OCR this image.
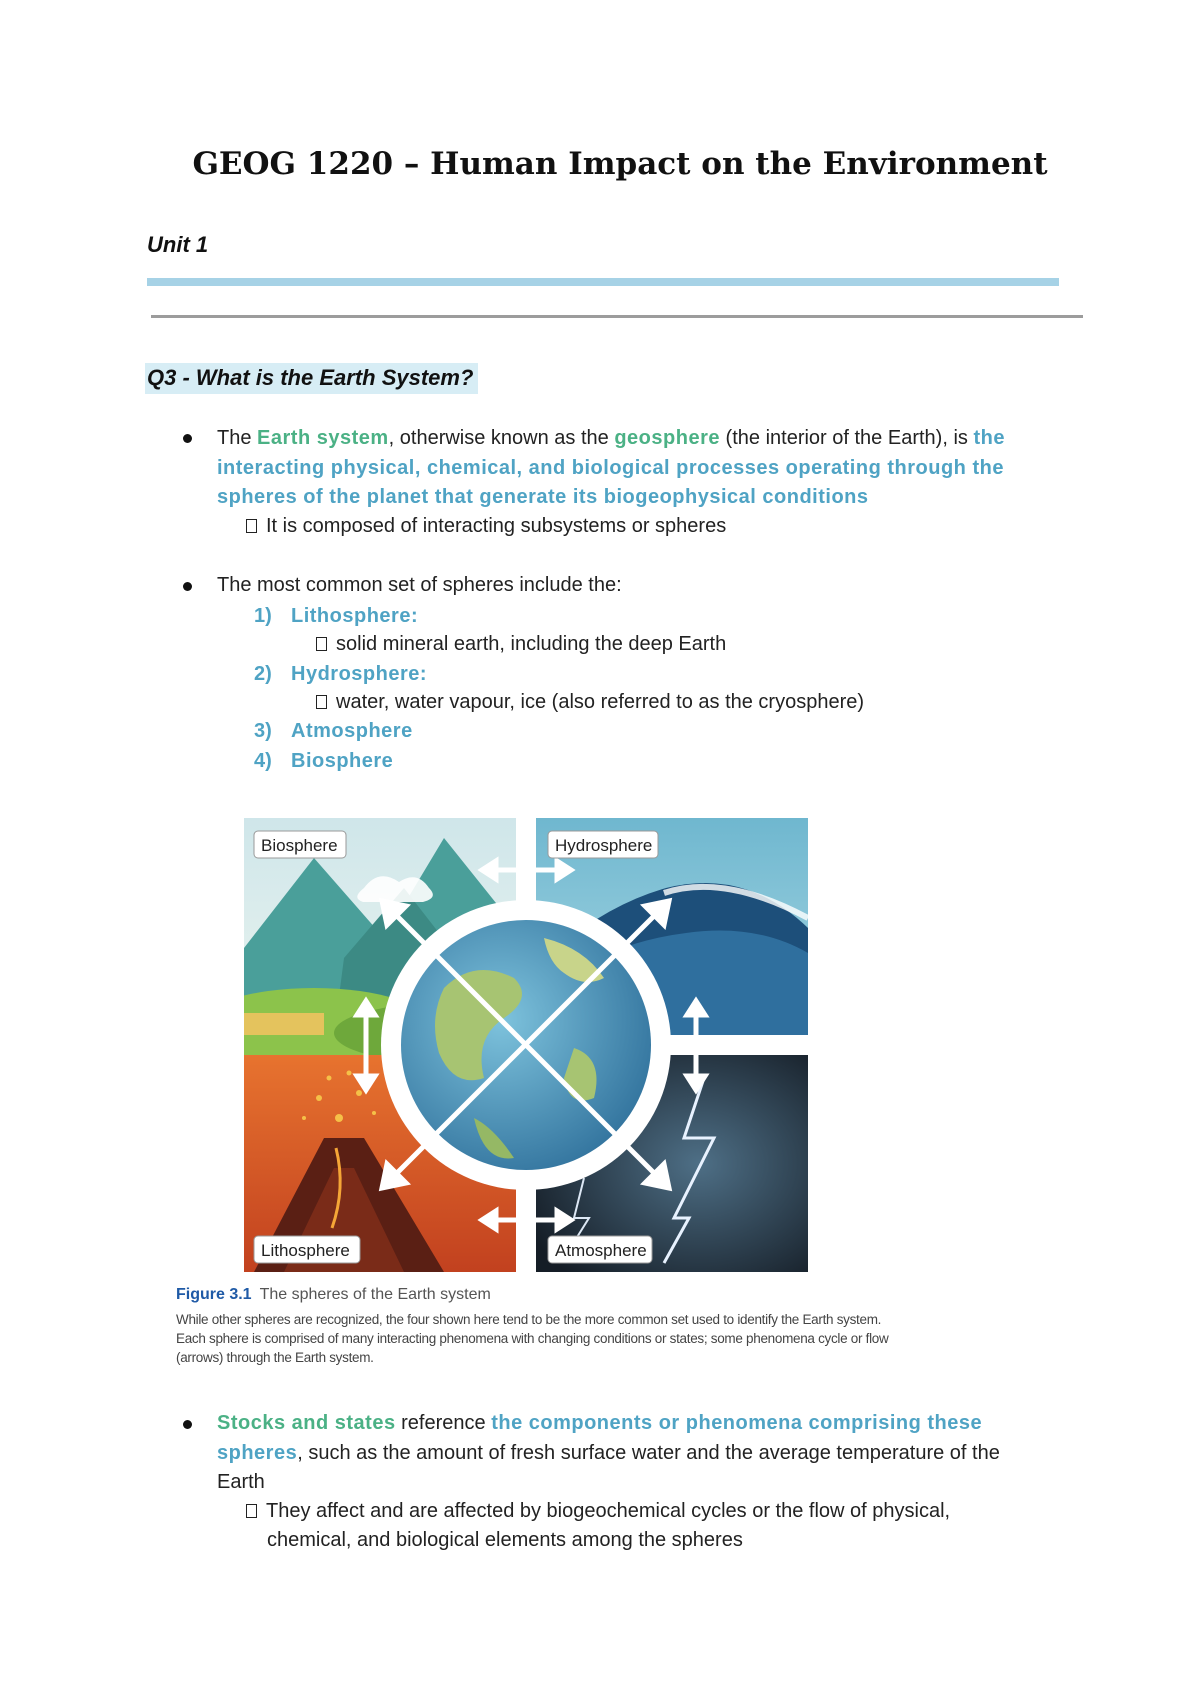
GEOG 1220 – Human Impact on the Environment
Unit 1
Q3 - What is the Earth System?
The Earth system, otherwise known as the geosphere (the interior of the Earth), is the
interacting physical, chemical, and biological processes operating through the
spheres of the planet that generate its biogeophysical conditions
It is composed of interacting subsystems or spheres
The most common set of spheres include the:
1) Lithosphere:
solid mineral earth, including the deep Earth
2) Hydrosphere:
water, water vapour, ice (also referred to as the cryosphere)
3) Atmosphere
4) Biosphere
Biosphere	Hydrosphere
Lithosphere	Atmosphere
Figure 3.1 The spheres of the Earth system
While other spheres are recognized, the four shown here tend to be the more common set used to identify the Earth system. Each sphere is comprised of many interacting phenomena with changing conditions or states; some phenomena cycle or flow (arrows) through the Earth system.
Stocks and states reference the components or phenomena comprising these
spheres, such as the amount of fresh surface water and the average temperature of the
Earth
They affect and are affected by biogeochemical cycles or the flow of physical,
chemical, and biological elements among the spheres
